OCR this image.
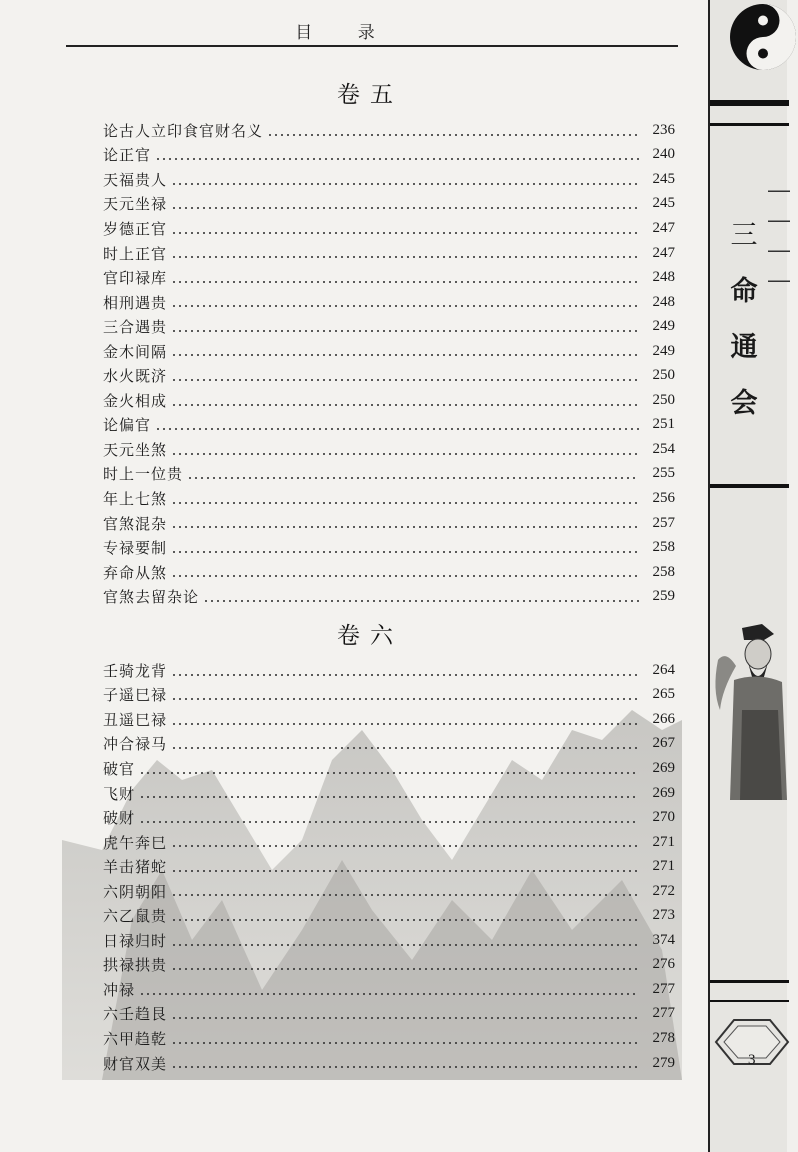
目 录
卷五
论古人立印食官财名义	236
论正官	240
天福贵人	245
天元坐禄	245
岁德正官	247
时上正官	247
官印禄库	248
相刑遇贵	248
三合遇贵	249
金木间隔	249
水火既济	250
金火相成	250
论偏官	251
天元坐煞	254
时上一位贵	255
年上七煞	256
官煞混杂	257
专禄要制	258
弃命从煞	258
官煞去留杂论	259
卷六
壬骑龙背	264
子遥巳禄	265
丑遥巳禄	266
冲合禄马	267
破官	269
飞财	269
破财	270
虎午奔巳	271
羊击猪蛇	271
六阴朝阳	272
六乙鼠贵	273
日禄归时	374
拱禄拱贵	276
冲禄	277
六壬趋艮	277
六甲趋乾	278
财官双美	279
―
―
―
―
三
命
通
会
3
